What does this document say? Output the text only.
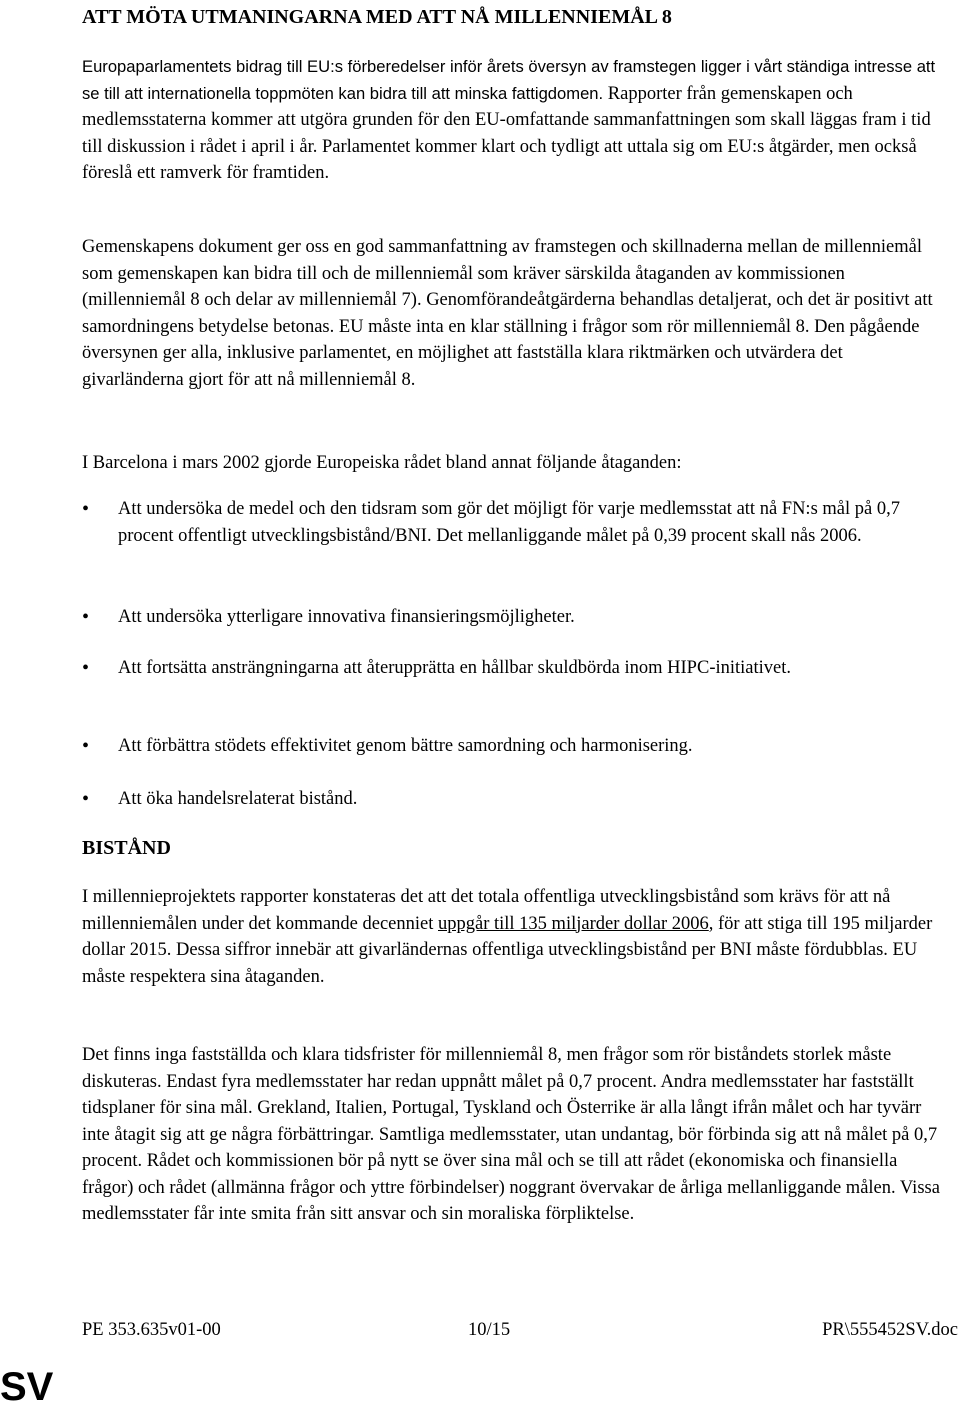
ATT MÖTA UTMANINGARNA MED ATT NÅ MILLENNIEMÅL 8

Europaparlamentets bidrag till EU:s förberedelser inför årets översyn av framstegen ligger i vårt ständiga intresse att se till att internationella toppmöten kan bidra till att minska fattigdomen. Rapporter från gemenskapen och medlemsstaterna kommer att utgöra grunden för den EU-omfattande sammanfattningen som skall läggas fram i tid till diskussion i rådet i april i år. Parlamentet kommer klart och tydligt att uttala sig om EU:s åtgärder, men också föreslå ett ramverk för framtiden.

Gemenskapens dokument ger oss en god sammanfattning av framstegen och skillnaderna mellan de millenniemål som gemenskapen kan bidra till och de millenniemål som kräver särskilda åtaganden av kommissionen (millenniemål 8 och delar av millenniemål 7). Genomförandeåtgärderna behandlas detaljerat, och det är positivt att samordningens betydelse betonas. EU måste inta en klar ställning i frågor som rör millenniemål 8. Den pågående översynen ger alla, inklusive parlamentet, en möjlighet att fastställa klara riktmärken och utvärdera det givarländerna gjort för att nå millenniemål 8.

I Barcelona i mars 2002 gjorde Europeiska rådet bland annat följande åtaganden:

•	Att undersöka de medel och den tidsram som gör det möjligt för varje medlemsstat att nå FN:s mål på 0,7 procent offentligt utvecklingsbistånd/BNI. Det mellanliggande målet på 0,39 procent skall nås 2006.

•	Att undersöka ytterligare innovativa finansieringsmöjligheter.

•	Att fortsätta ansträngningarna att återupprätta en hållbar skuldbörda inom HIPC-initiativet.

•	Att förbättra stödets effektivitet genom bättre samordning och harmonisering.

•	Att öka handelsrelaterat bistånd.

BISTÅND

I millennieprojektets rapporter konstateras det att det totala offentliga utvecklingsbistånd som krävs för att nå millenniemålen under det kommande decenniet uppgår till 135 miljarder dollar 2006, för att stiga till 195 miljarder dollar 2015. Dessa siffror innebär att givarländernas offentliga utvecklingsbistånd per BNI måste fördubblas. EU måste respektera sina åtaganden.

Det finns inga fastställda och klara tidsfrister för millenniemål 8, men frågor som rör biståndets storlek måste diskuteras. Endast fyra medlemsstater har redan uppnått målet på 0,7 procent. Andra medlemsstater har fastställt tidsplaner för sina mål. Grekland, Italien, Portugal, Tyskland och Österrike är alla långt ifrån målet och har tyvärr inte åtagit sig att ge några förbättringar. Samtliga medlemsstater, utan undantag, bör förbinda sig att nå målet på 0,7 procent. Rådet och kommissionen bör på nytt se över sina mål och se till att rådet (ekonomiska och finansiella frågor) och rådet (allmänna frågor och yttre förbindelser) noggrant övervakar de årliga mellanliggande målen. Vissa medlemsstater får inte smita från sitt ansvar och sin moraliska förpliktelse.

PE 353.635v01-00	10/15	PR\555452SV.doc
SV
